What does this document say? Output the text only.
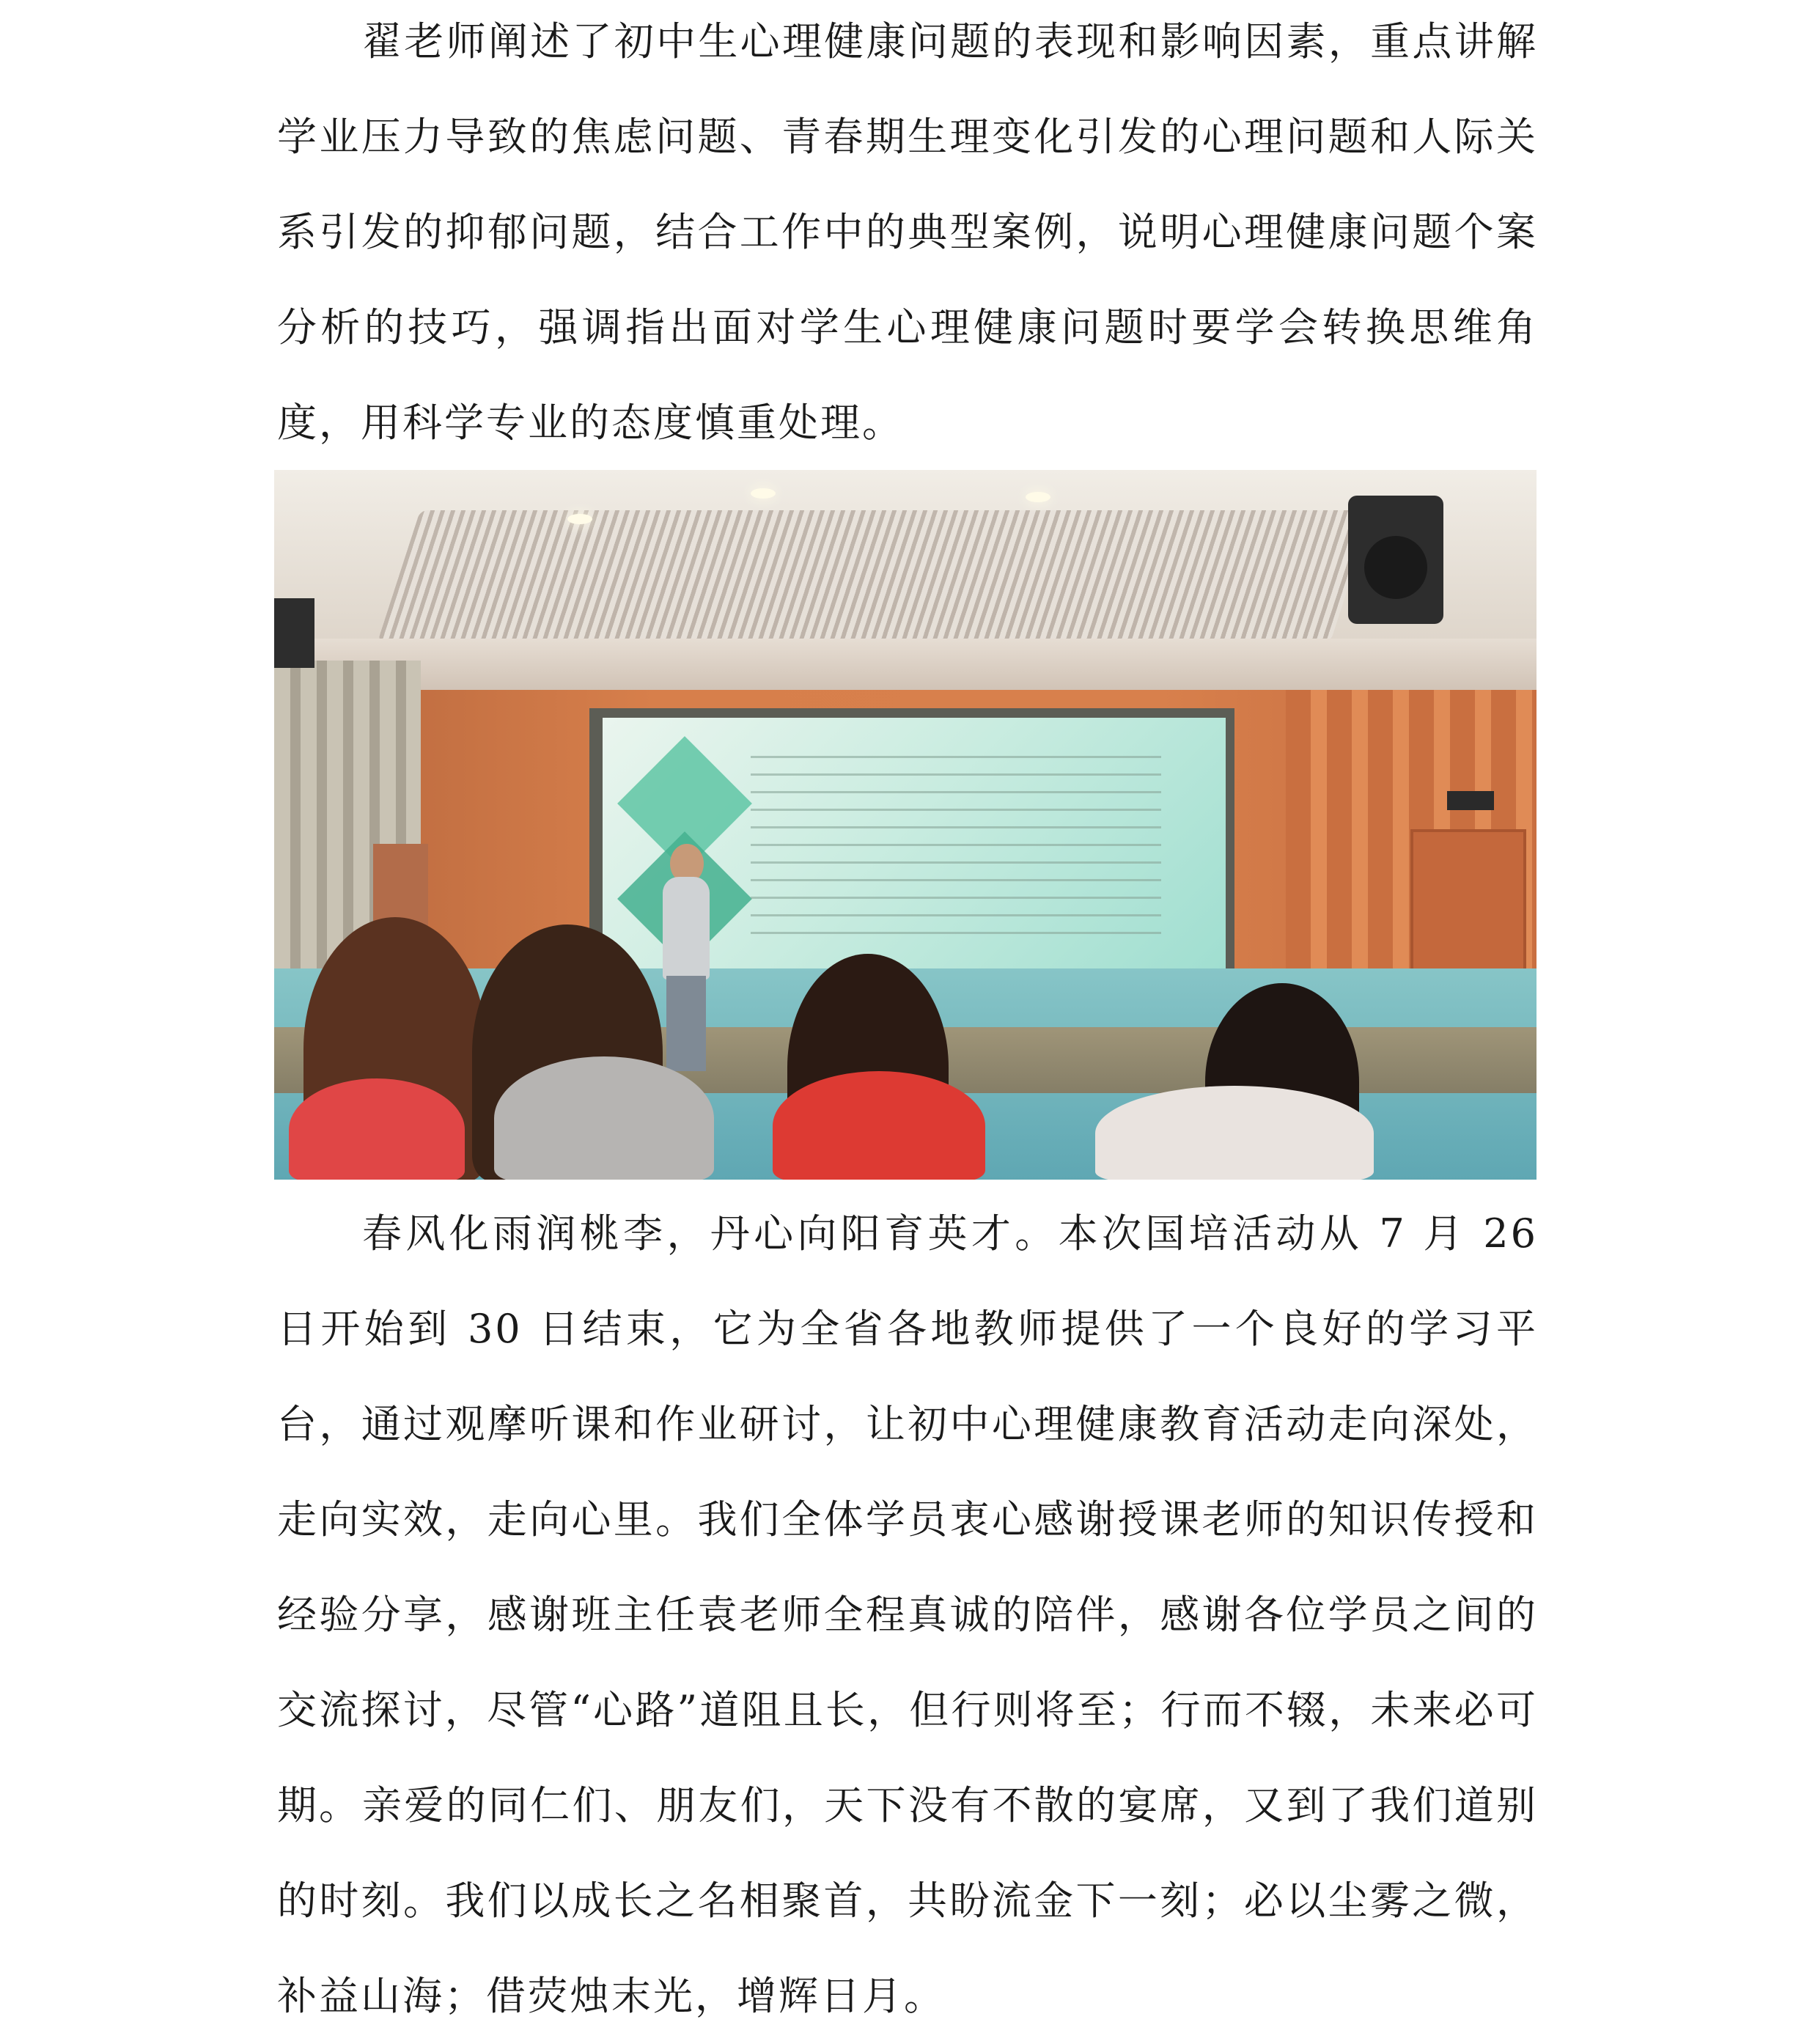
翟老师阐述了初中生心理健康问题的表现和影响因素，重点讲解学业压力导致的焦虑问题、青春期生理变化引发的心理问题和人际关系引发的抑郁问题，结合工作中的典型案例，说明心理健康问题个案分析的技巧，强调指出面对学生心理健康问题时要学会转换思维角度，用科学专业的态度慎重处理。

春风化雨润桃李，丹心向阳育英才。本次国培活动从 7 月 26 日开始到 30 日结束，它为全省各地教师提供了一个良好的学习平台，通过观摩听课和作业研讨，让初中心理健康教育活动走向深处，走向实效，走向心里。我们全体学员衷心感谢授课老师的知识传授和经验分享，感谢班主任袁老师全程真诚的陪伴，感谢各位学员之间的交流探讨，尽管“心路”道阻且长，但行则将至；行而不辍，未来必可期。 亲爱的同仁们、朋友们，天下没有不散的宴席，又到了我们道别的时刻。我们以成长之名相聚首，共盼流金下一刻；必以尘雾之微，补益山海；借荧烛末光，增辉日月。
